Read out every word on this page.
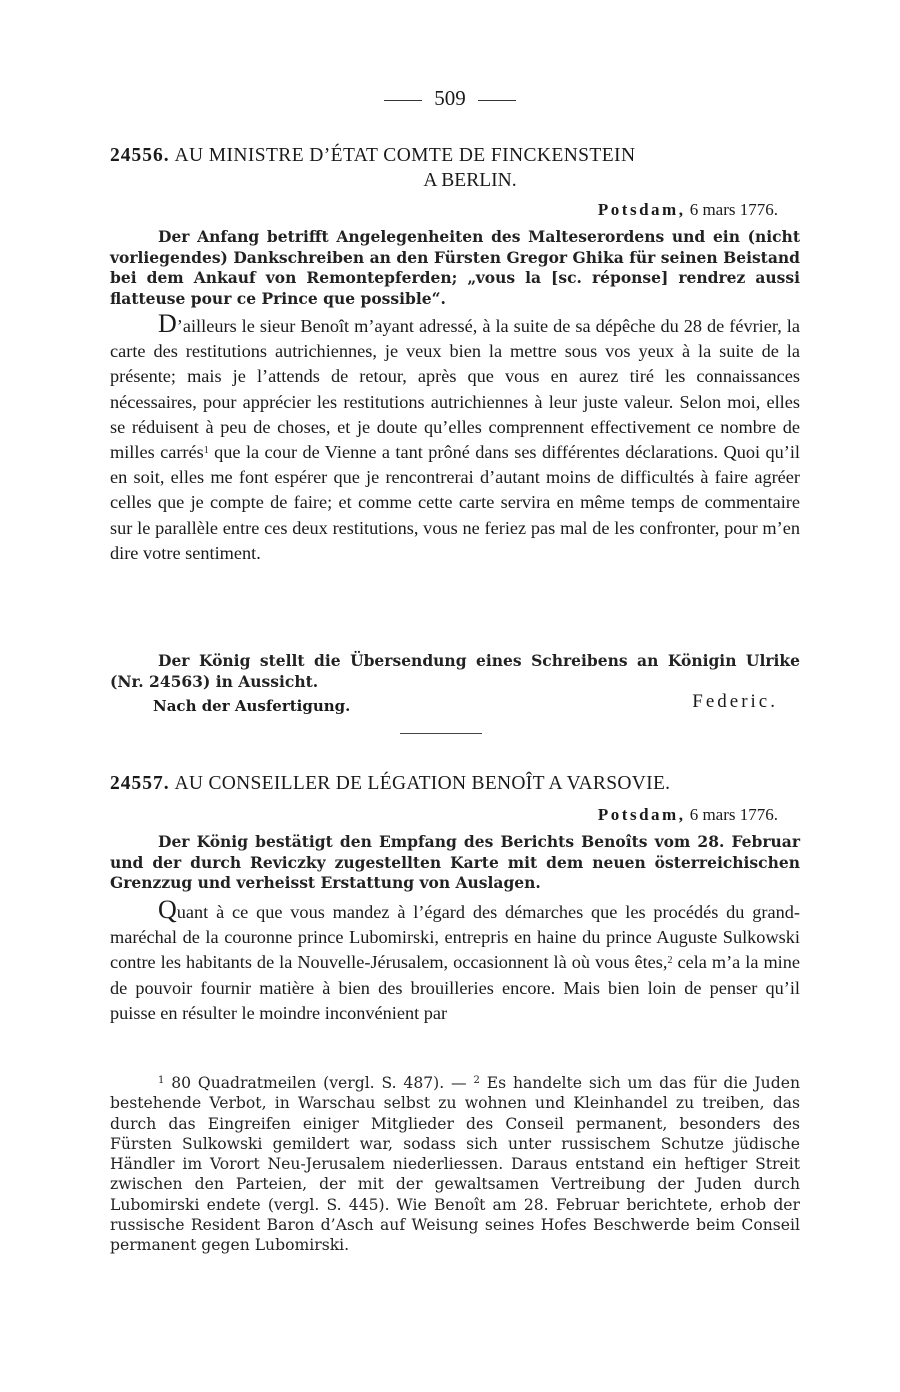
509
24556. AU MINISTRE D’ÉTAT COMTE DE FINCKENSTEIN
A BERLIN.
Potsdam, 6 mars 1776.
Der Anfang betrifft Angelegenheiten des Malteserordens und ein (nicht vorliegendes) Dankschreiben an den Fürsten Gregor Ghika für seinen Beistand bei dem Ankauf von Remontepferden; „vous la [sc. réponse] rendrez aussi flatteuse pour ce Prince que possible“.
D’ailleurs le sieur Benoît m’ayant adressé, à la suite de sa dépêche du 28 de février, la carte des restitutions autrichiennes, je veux bien la mettre sous vos yeux à la suite de la présente; mais je l’attends de retour, après que vous en aurez tiré les connaissances nécessaires, pour apprécier les restitutions autrichiennes à leur juste valeur. Selon moi, elles se réduisent à peu de choses, et je doute qu’elles comprennent effectivement ce nombre de milles carrés$^1$ que la cour de Vienne a tant prôné dans ses différentes déclarations. Quoi qu’il en soit, elles me font espérer que je rencontrerai d’autant moins de difficultés à faire agréer celles que je compte de faire; et comme cette carte servira en même temps de commentaire sur le parallèle entre ces deux restitutions, vous ne feriez pas mal de les confronter, pour m’en dire votre sentiment.
Der König stellt die Übersendung eines Schreibens an Königin Ulrike (Nr. 24563) in Aussicht.
Nach der Ausfertigung.	Federic.
24557. AU CONSEILLER DE LÉGATION BENOÎT A VARSOVIE.
Potsdam, 6 mars 1776.
Der König bestätigt den Empfang des Berichts Benoîts vom 28. Februar und der durch Reviczky zugestellten Karte mit dem neuen österreichischen Grenzzug und verheisst Erstattung von Auslagen.
Quant à ce que vous mandez à l’égard des démarches que les procédés du grand-maréchal de la couronne prince Lubomirski, entrepris en haine du prince Auguste Sulkowski contre les habitants de la Nouvelle-Jérusalem, occasionnent là où vous êtes,$^2$ cela m’a la mine de pouvoir fournir matière à bien des brouilleries encore. Mais bien loin de penser qu’il puisse en résulter le moindre inconvénient par
$^1$ 80 Quadratmeilen (vergl. S. 487). — $^2$ Es handelte sich um das für die Juden bestehende Verbot, in Warschau selbst zu wohnen und Kleinhandel zu treiben, das durch das Eingreifen einiger Mitglieder des Conseil permanent, besonders des Fürsten Sulkowski gemildert war, sodass sich unter russischem Schutze jüdische Händler im Vorort Neu-Jerusalem niederliessen. Daraus entstand ein heftiger Streit zwischen den Parteien, der mit der gewaltsamen Vertreibung der Juden durch Lubomirski endete (vergl. S. 445). Wie Benoît am 28. Februar berichtete, erhob der russische Resident Baron d’Asch auf Weisung seines Hofes Beschwerde beim Conseil permanent gegen Lubomirski.
